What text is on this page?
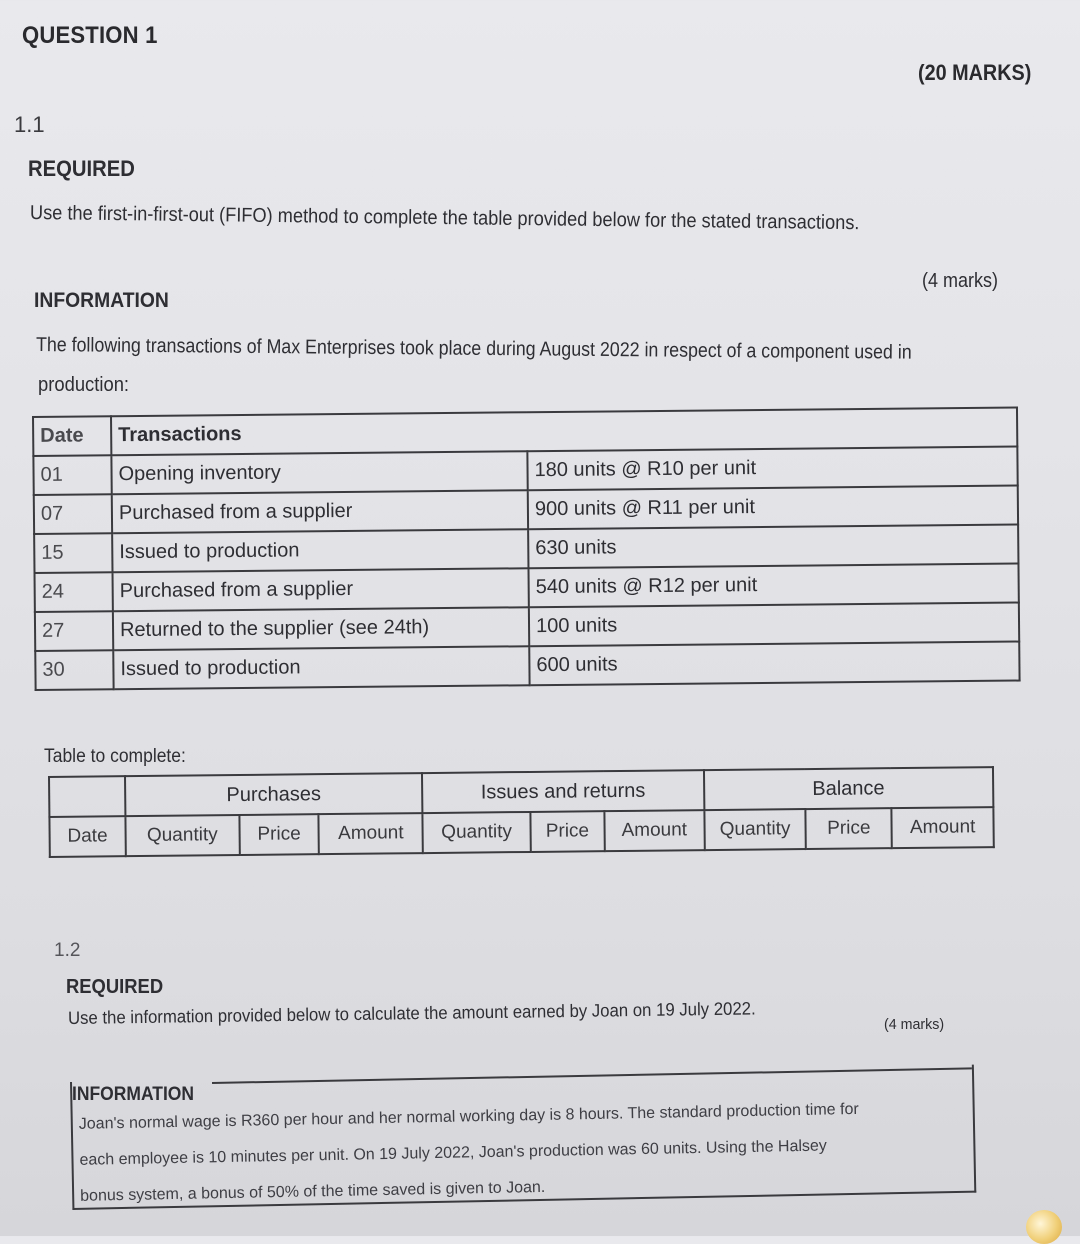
QUESTION 1
(20 MARKS)
1.1
REQUIRED
Use the first-in-first-out (FIFO) method to complete the table provided below for the stated transactions.
(4 marks)
INFORMATION
The following transactions of Max Enterprises took place during August 2022 in respect of a component used in
production:
Date	Transactions	
01	Opening inventory	180 units @ R10 per unit
07	Purchased from a supplier	900 units @ R11 per unit
15	Issued to production	630 units
24	Purchased from a supplier	540 units @ R12 per unit
27	Returned to the supplier (see 24th)	100 units
30	Issued to production	600 units
Table to complete:
	Purchases			Issues and returns			Balance		
Date	Quantity	Price	Amount	Quantity	Price	Amount	Quantity	Price	Amount
1.2
REQUIRED
Use the information provided below to calculate the amount earned by Joan on 19 July 2022.	(4 marks)
INFORMATION
Joan's normal wage is R360 per hour and her normal working day is 8 hours. The standard production time for
each employee is 10 minutes per unit. On 19 July 2022, Joan's production was 60 units. Using the Halsey
bonus system, a bonus of 50% of the time saved is given to Joan.
